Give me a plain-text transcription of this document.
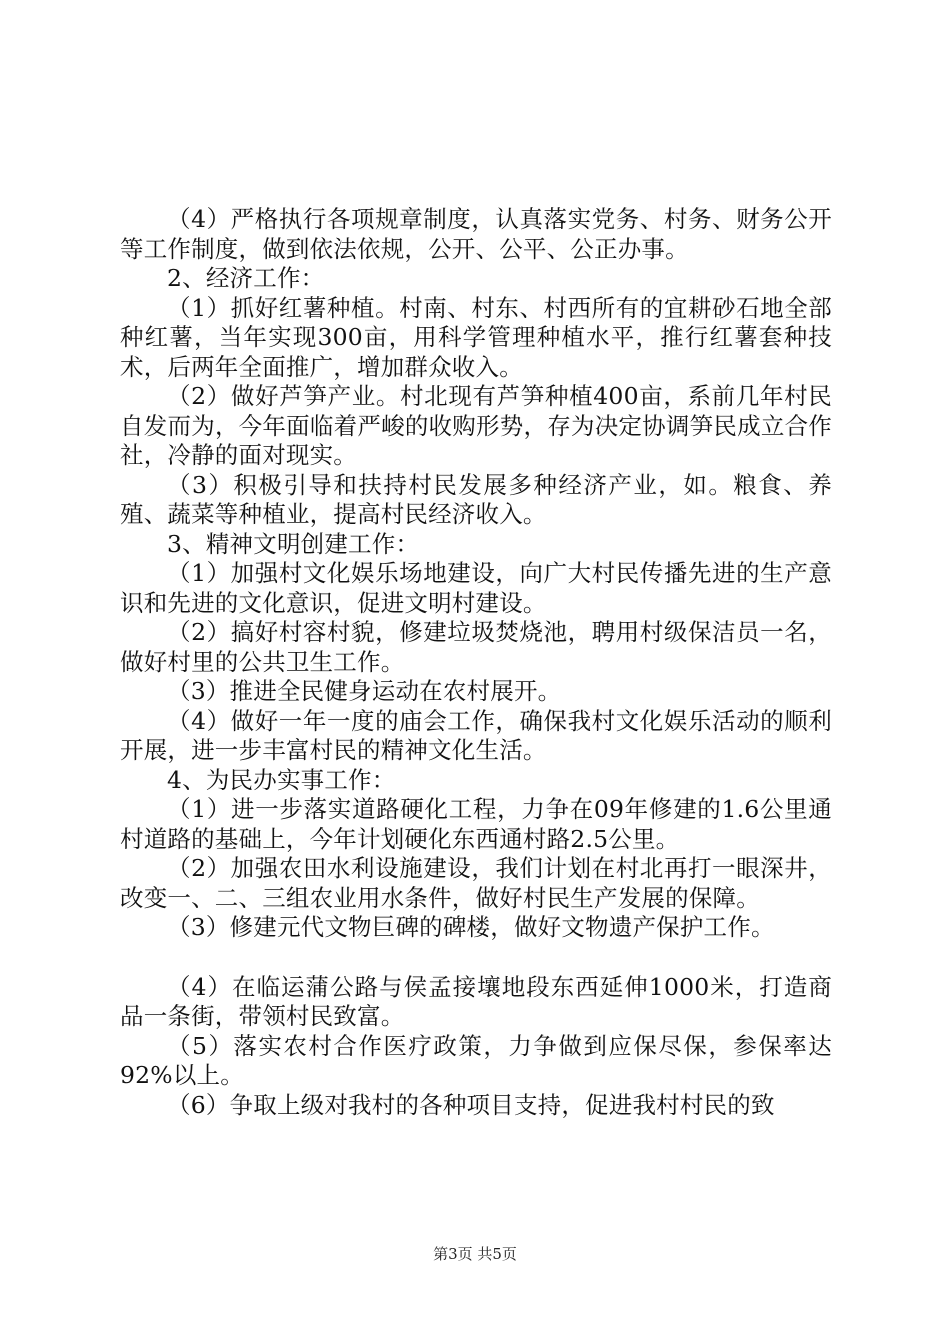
（4）严格执行各项规章制度，认真落实党务、村务、财务公开等工作制度，做到依法依规，公开、公平、公正办事。

2、经济工作：

（1）抓好红薯种植。村南、村东、村西所有的宜耕砂石地全部种红薯，当年实现300亩，用科学管理种植水平，推行红薯套种技术，后两年全面推广，增加群众收入。

（2）做好芦笋产业。村北现有芦笋种植400亩，系前几年村民自发而为，今年面临着严峻的收购形势，存为决定协调笋民成立合作社，冷静的面对现实。

（3）积极引导和扶持村民发展多种经济产业，如。粮食、养殖、蔬菜等种植业，提高村民经济收入。

3、精神文明创建工作：

（1）加强村文化娱乐场地建设，向广大村民传播先进的生产意识和先进的文化意识，促进文明村建设。

（2）搞好村容村貌，修建垃圾焚烧池，聘用村级保洁员一名，做好村里的公共卫生工作。

（3）推进全民健身运动在农村展开。

（4）做好一年一度的庙会工作，确保我村文化娱乐活动的顺利开展，进一步丰富村民的精神文化生活。

4、为民办实事工作：

（1）进一步落实道路硬化工程，力争在09年修建的1.6公里通村道路的基础上，今年计划硬化东西通村路2.5公里。

（2）加强农田水利设施建设，我们计划在村北再打一眼深井，改变一、二、三组农业用水条件，做好村民生产发展的保障。

（3）修建元代文物巨碑的碑楼，做好文物遗产保护工作。

（4）在临运蒲公路与侯孟接壤地段东西延伸1000米，打造商品一条街，带领村民致富。

（5）落实农村合作医疗政策，力争做到应保尽保，参保率达92%以上。

（6）争取上级对我村的各种项目支持，促进我村村民的致

第3页 共5页
